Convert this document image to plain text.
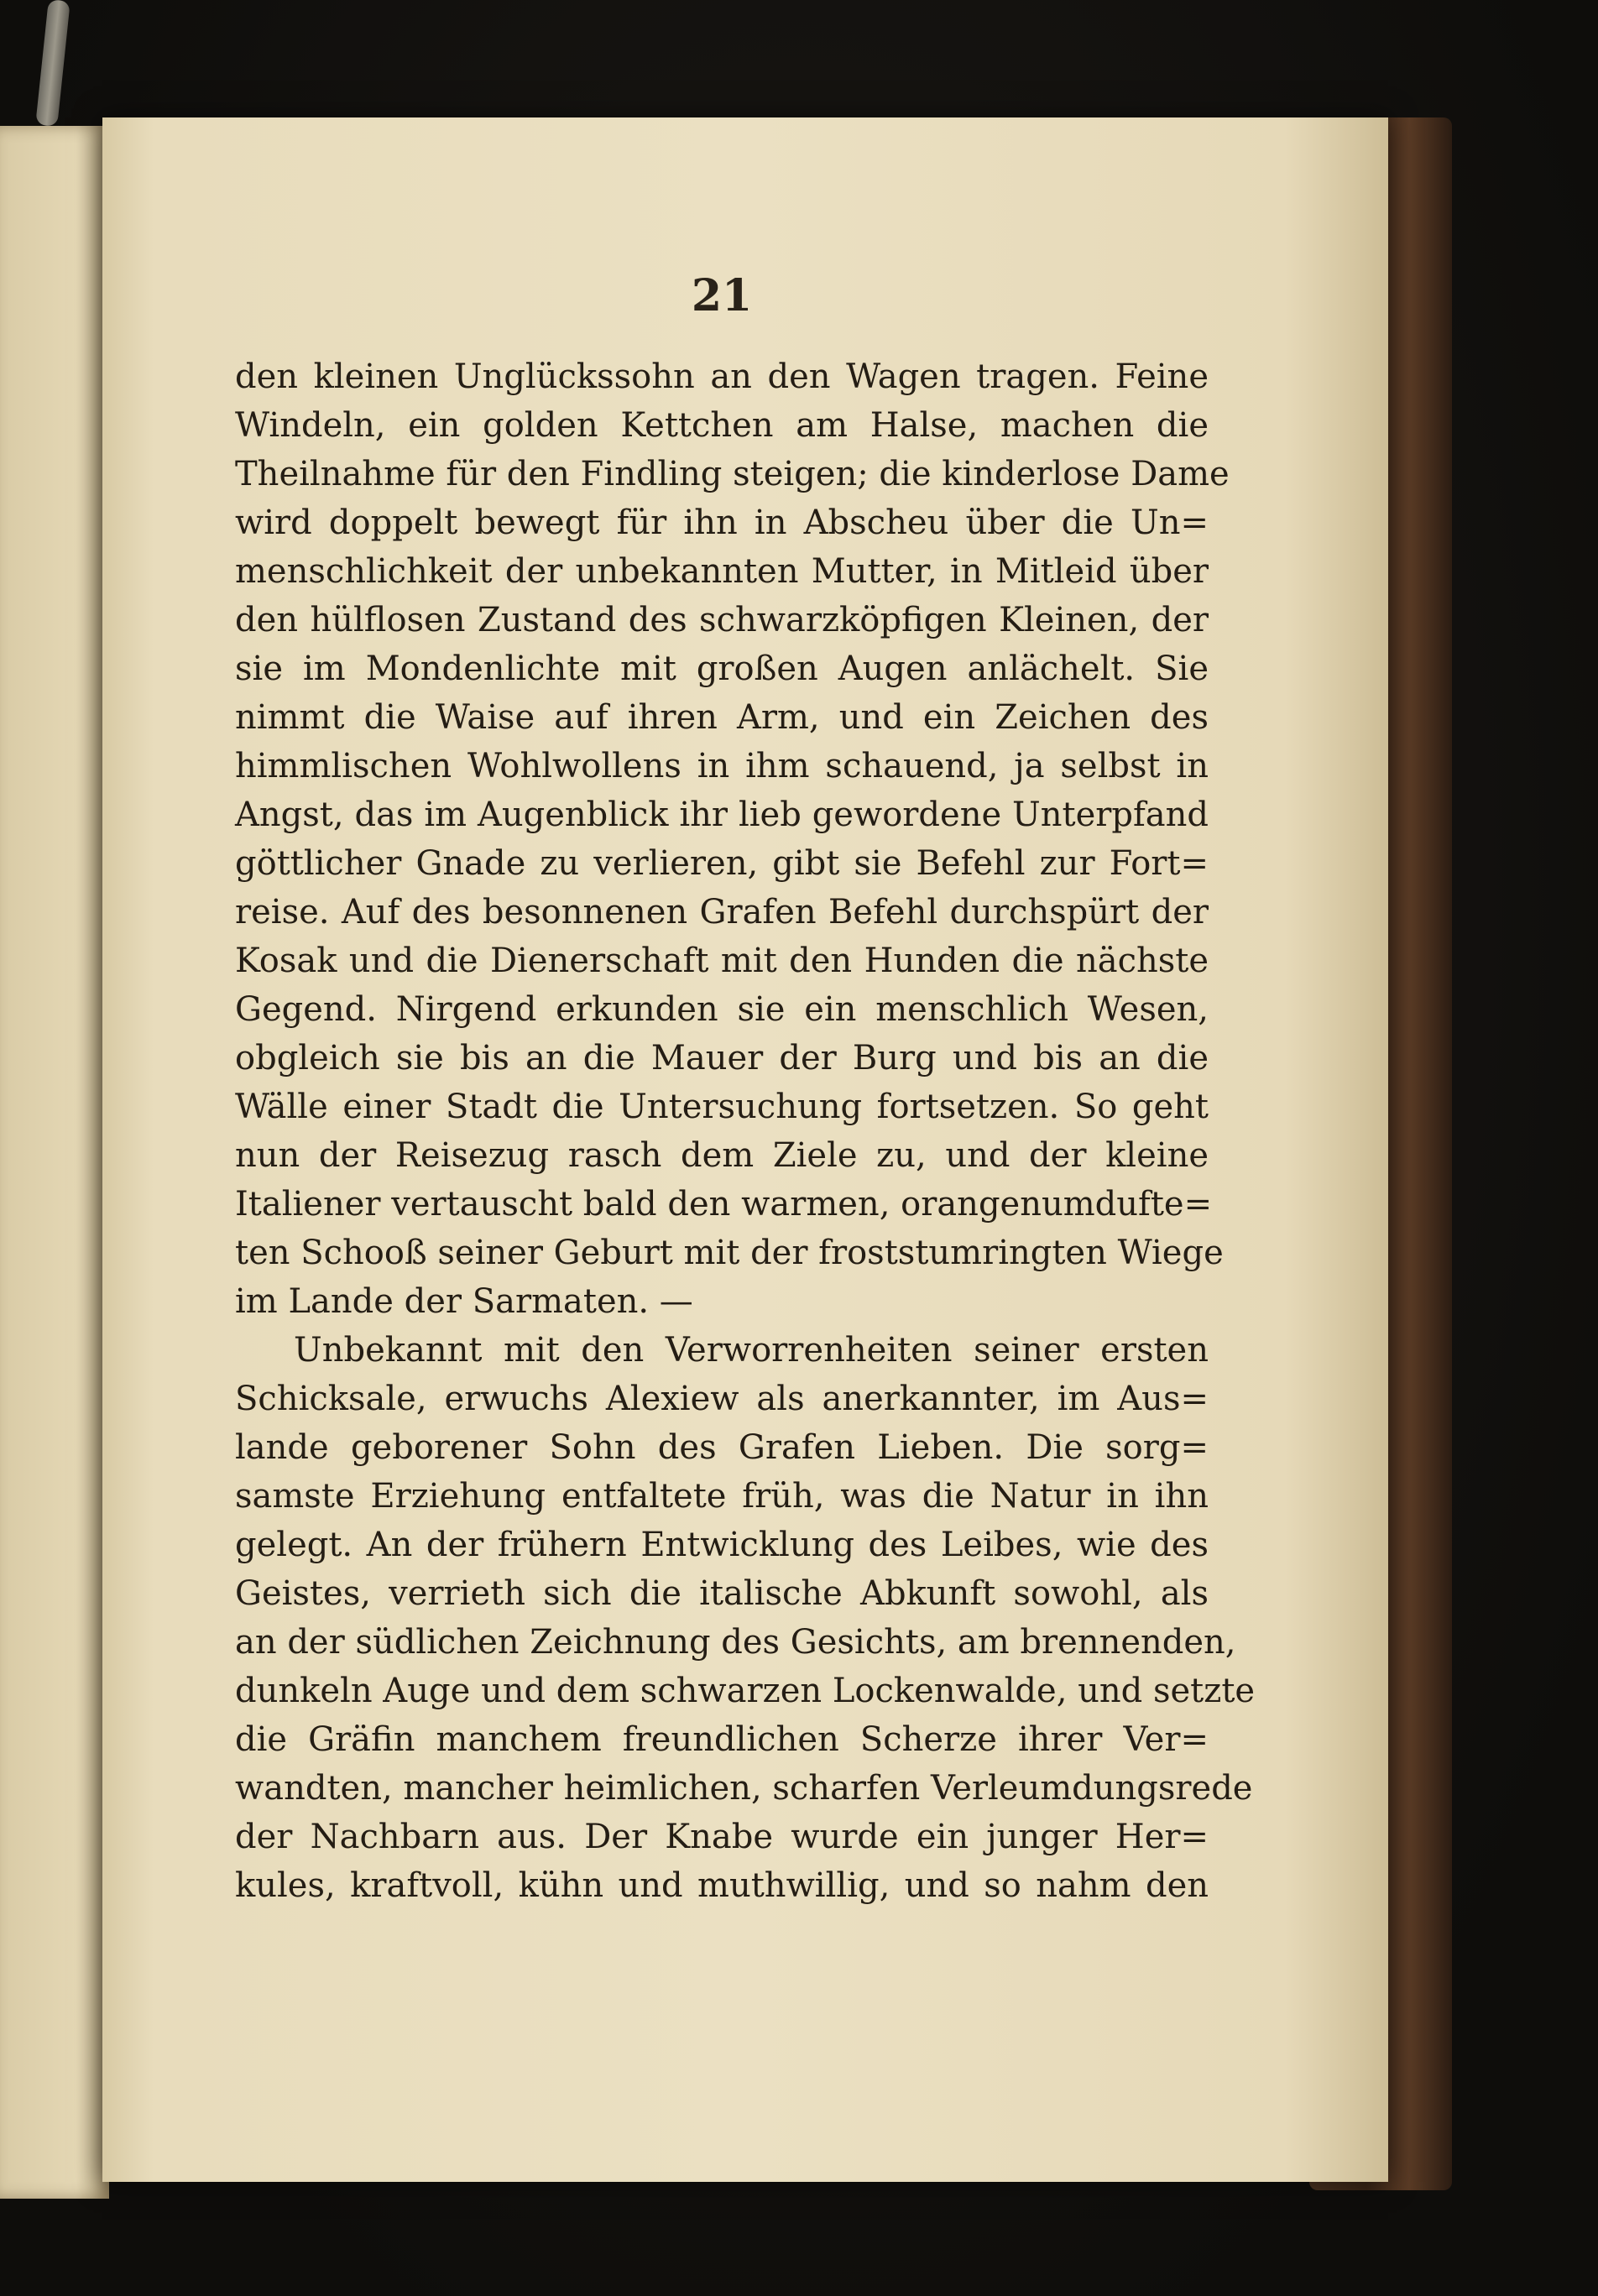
21
den kleinen Unglückssohn an den Wagen tragen. Feine
Windeln, ein golden Kettchen am Halse, machen die
Theilnahme für den Findling steigen; die kinderlose Dame
wird doppelt bewegt für ihn in Abscheu über die Un=
menschlichkeit der unbekannten Mutter, in Mitleid über
den hülflosen Zustand des schwarzköpfigen Kleinen, der
sie im Mondenlichte mit großen Augen anlächelt. Sie
nimmt die Waise auf ihren Arm, und ein Zeichen des
himmlischen Wohlwollens in ihm schauend, ja selbst in
Angst, das im Augenblick ihr lieb gewordene Unterpfand
göttlicher Gnade zu verlieren, gibt sie Befehl zur Fort=
reise. Auf des besonnenen Grafen Befehl durchspürt der
Kosak und die Dienerschaft mit den Hunden die nächste
Gegend. Nirgend erkunden sie ein menschlich Wesen,
obgleich sie bis an die Mauer der Burg und bis an die
Wälle einer Stadt die Untersuchung fortsetzen. So geht
nun der Reisezug rasch dem Ziele zu, und der kleine
Italiener vertauscht bald den warmen, orangenumdufte=
ten Schooß seiner Geburt mit der froststumringten Wiege
im Lande der Sarmaten. —
Unbekannt mit den Verworrenheiten seiner ersten
Schicksale, erwuchs Alexiew als anerkannter, im Aus=
lande geborener Sohn des Grafen Lieben. Die sorg=
samste Erziehung entfaltete früh, was die Natur in ihn
gelegt. An der frühern Entwicklung des Leibes, wie des
Geistes, verrieth sich die italische Abkunft sowohl, als
an der südlichen Zeichnung des Gesichts, am brennenden,
dunkeln Auge und dem schwarzen Lockenwalde, und setzte
die Gräfin manchem freundlichen Scherze ihrer Ver=
wandten, mancher heimlichen, scharfen Verleumdungsrede
der Nachbarn aus. Der Knabe wurde ein junger Her=
kules, kraftvoll, kühn und muthwillig, und so nahm den
